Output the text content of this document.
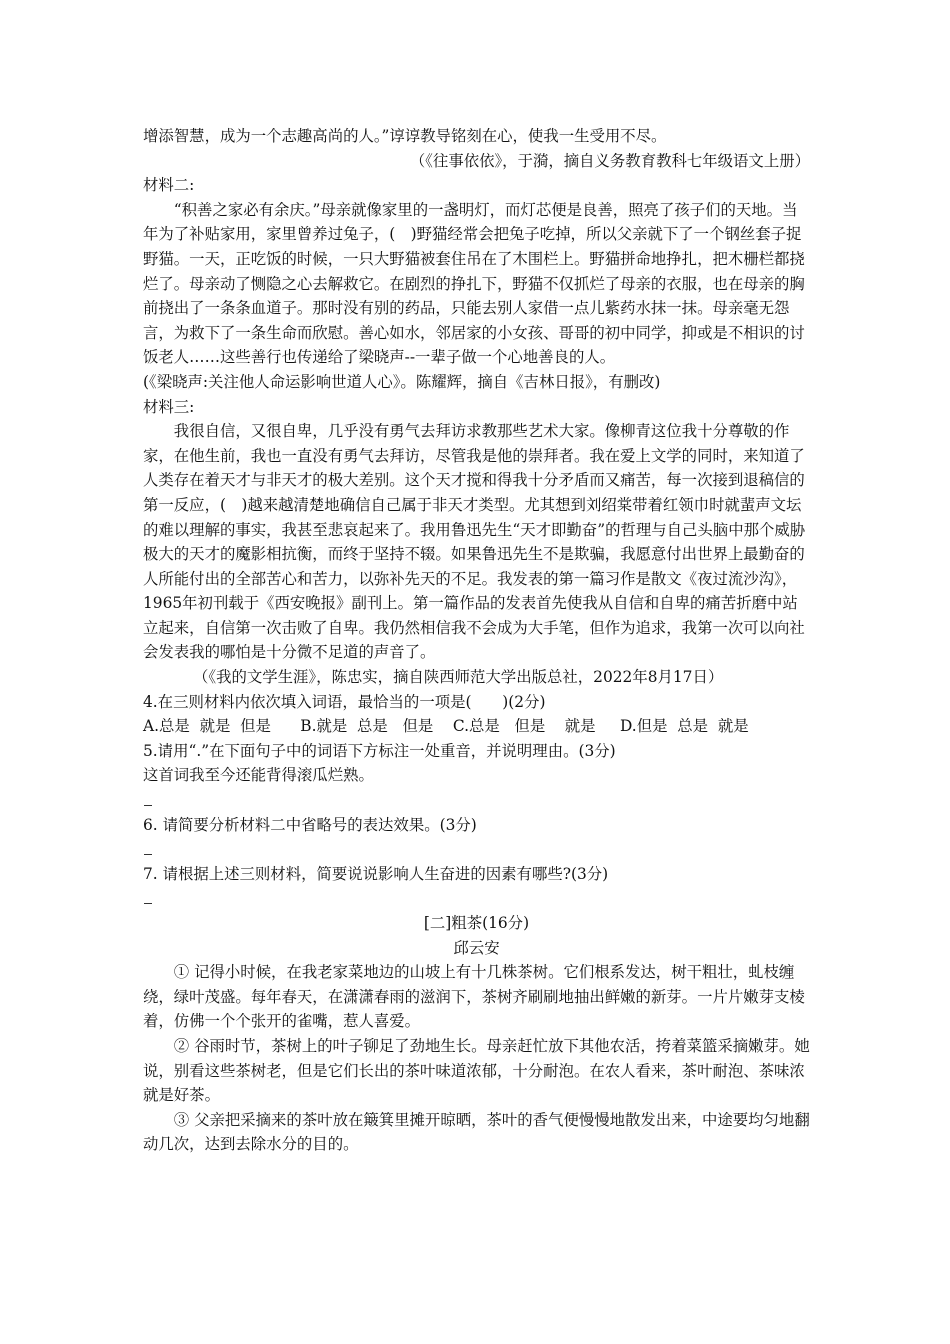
增添智慧，成为一个志趣高尚的人。”谆谆教导铭刻在心，使我一生受用不尽。

（《往事依依》，于漪，摘自义务教育教科七年级语文上册）

材料二:

“积善之家必有余庆。”母亲就像家里的一盏明灯，而灯芯便是良善，照亮了孩子们的天地。当年为了补贴家用，家里曾养过兔子，(　)野猫经常会把兔子吃掉，所以父亲就下了一个钢丝套子捉野猫。一天，正吃饭的时候，一只大野猫被套住吊在了木围栏上。野猫拼命地挣扎，把木栅栏都挠烂了。母亲动了恻隐之心去解救它。在剧烈的挣扎下，野猫不仅抓烂了母亲的衣服，也在母亲的胸前挠出了一条条血道子。那时没有别的药品，只能去别人家借一点儿紫药水抹一抹。母亲毫无怨言，为救下了一条生命而欣慰。善心如水，邻居家的小女孩、哥哥的初中同学，抑或是不相识的讨饭老人……这些善行也传递给了梁晓声--一辈子做一个心地善良的人。

(《梁晓声:关注他人命运影响世道人心》。陈耀辉，摘自《吉林日报》，有删改)

材料三:

我很自信，又很自卑，几乎没有勇气去拜访求教那些艺术大家。像柳青这位我十分尊敬的作家，在他生前，我也一直没有勇气去拜访，尽管我是他的崇拜者。我在爱上文学的同时，来知道了人类存在着天才与非天才的极大差别。这个天才搅和得我十分矛盾而又痛苦，每一次接到退稿信的第一反应，(　)越来越清楚地确信自己属于非天才类型。尤其想到刘绍棠带着红领巾时就蜚声文坛的难以理解的事实，我甚至悲哀起来了。我用鲁迅先生“天才即勤奋”的哲理与自己头脑中那个威胁极大的天才的魔影相抗衡，而终于坚持不辍。如果鲁迅先生不是欺骗，我愿意付出世界上最勤奋的人所能付出的全部苦心和苦力，以弥补先天的不足。我发表的第一篇习作是散文《夜过流沙沟》，1965年初刊载于《西安晚报》副刊上。第一篇作品的发表首先使我从自信和自卑的痛苦折磨中站立起来，自信第一次击败了自卑。我仍然相信我不会成为大手笔，但作为追求，我第一次可以向社会发表我的哪怕是十分微不足道的声音了。

（《我的文学生涯》，陈忠实，摘自陕西师范大学出版总社，2022年8月17日）

4.在三则材料内依次填入词语，最恰当的一项是(　　)(2分)

A.总是  就是  但是      B.就是  总是   但是    C.总是   但是    就是     D.但是  总是  就是

5.请用“.”在下面句子中的词语下方标注一处重音，并说明理由。(3分)

这首词我至今还能背得滚瓜烂熟。

6. 请简要分析材料二中省略号的表达效果。(3分)

7. 请根据上述三则材料，简要说说影响人生奋进的因素有哪些?(3分)

[二]粗茶(16分)

邱云安

① 记得小时候，在我老家菜地边的山坡上有十几株茶树。它们根系发达，树干粗壮，虬枝缠绕，绿叶茂盛。每年春天，在潇潇春雨的滋润下，茶树齐刷刷地抽出鲜嫩的新芽。一片片嫩芽支棱着，仿佛一个个张开的雀嘴，惹人喜爱。

② 谷雨时节，茶树上的叶子铆足了劲地生长。母亲赶忙放下其他农活，挎着菜篮采摘嫩芽。她说，别看这些茶树老，但是它们长出的茶叶味道浓郁，十分耐泡。在农人看来，茶叶耐泡、茶味浓就是好茶。

③ 父亲把采摘来的茶叶放在簸箕里摊开晾晒，茶叶的香气便慢慢地散发出来，中途要均匀地翻动几次，达到去除水分的目的。
